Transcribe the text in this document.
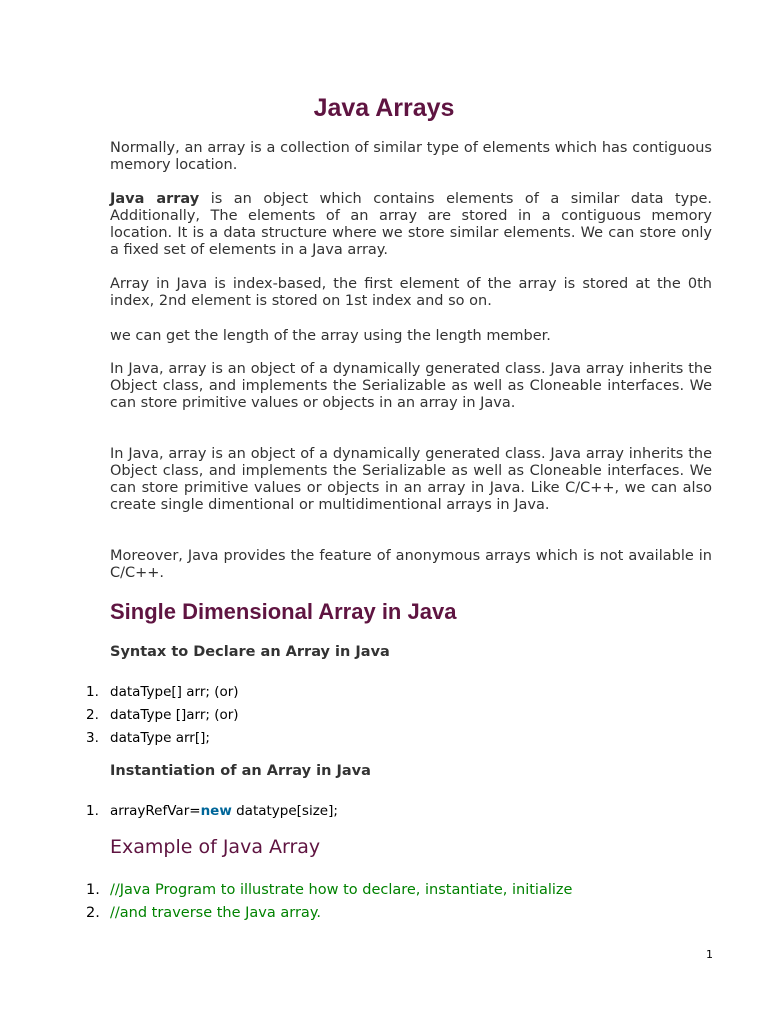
Java Arrays

Normally, an array is a collection of similar type of elements which has contiguous memory location.

Java array is an object which contains elements of a similar data type. Additionally, The elements of an array are stored in a contiguous memory location. It is a data structure where we store similar elements. We can store only a fixed set of elements in a Java array.

Array in Java is index-based, the first element of the array is stored at the 0th index, 2nd element is stored on 1st index and so on.

we can get the length of the array using the length member.

In Java, array is an object of a dynamically generated class. Java array inherits the Object class, and implements the Serializable as well as Cloneable interfaces. We can store primitive values or objects in an array in Java.

In Java, array is an object of a dynamically generated class. Java array inherits the Object class, and implements the Serializable as well as Cloneable interfaces. We can store primitive values or objects in an array in Java. Like C/C++, we can also create single dimentional or multidimentional arrays in Java.

Moreover, Java provides the feature of anonymous arrays which is not available in C/C++.

Single Dimensional Array in Java
Syntax to Declare an Array in Java
1. dataType[] arr; (or)
2. dataType []arr; (or)
3. dataType arr[];
Instantiation of an Array in Java
1. arrayRefVar=new datatype[size];
Example of Java Array
1. //Java Program to illustrate how to declare, instantiate, initialize
2. //and traverse the Java array.

1
